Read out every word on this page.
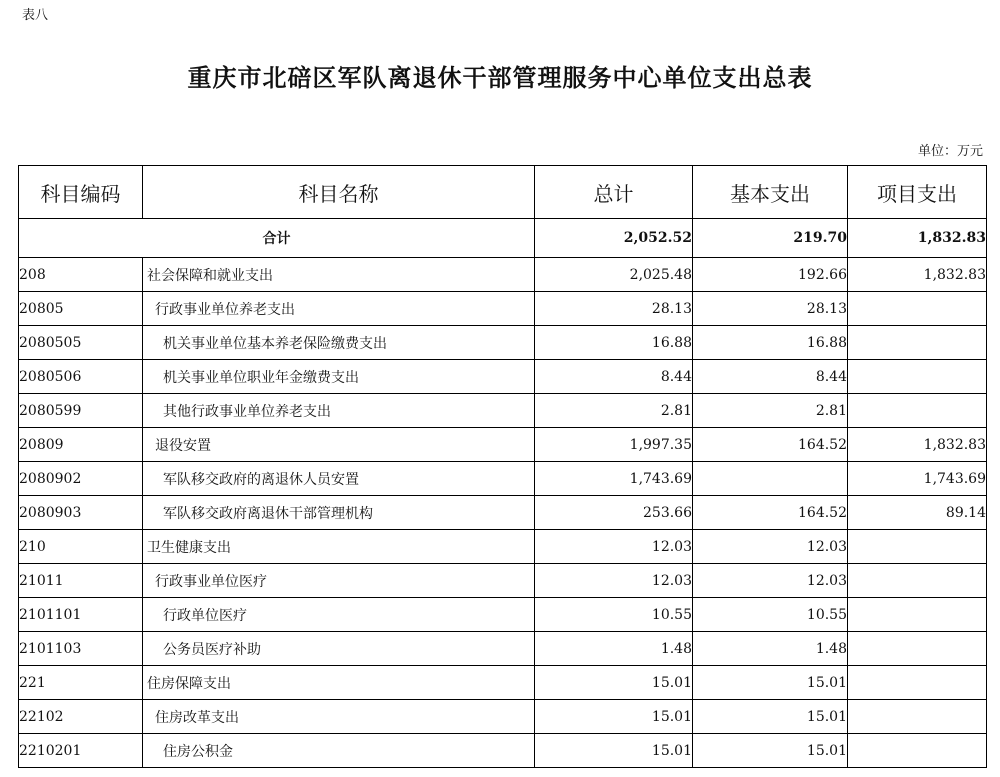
表八
重庆市北碚区军队离退休干部管理服务中心单位支出总表
单位：万元
科目编码	科目名称	总计	基本支出	项目支出
合计		2,052.52	219.70	1,832.83
208	社会保障和就业支出	2,025.48	192.66	1,832.83
20805	行政事业单位养老支出	28.13	28.13	
2080505	机关事业单位基本养老保险缴费支出	16.88	16.88	
2080506	机关事业单位职业年金缴费支出	8.44	8.44	
2080599	其他行政事业单位养老支出	2.81	2.81	
20809	退役安置	1,997.35	164.52	1,832.83
2080902	军队移交政府的离退休人员安置	1,743.69		1,743.69
2080903	军队移交政府离退休干部管理机构	253.66	164.52	89.14
210	卫生健康支出	12.03	12.03	
21011	行政事业单位医疗	12.03	12.03	
2101101	行政单位医疗	10.55	10.55	
2101103	公务员医疗补助	1.48	1.48	
221	住房保障支出	15.01	15.01	
22102	住房改革支出	15.01	15.01	
2210201	住房公积金	15.01	15.01	
